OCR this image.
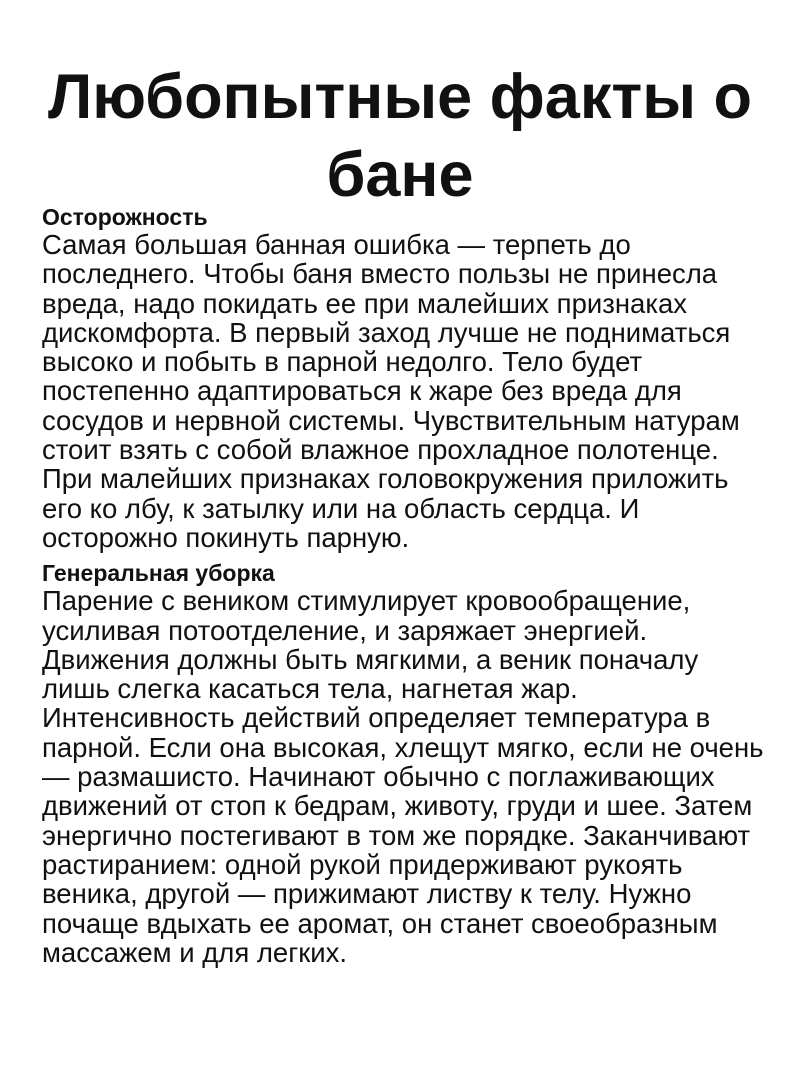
Любопытные факты о бане
Осторожность

Самая большая банная ошибка — терпеть до последнего. Чтобы баня вместо пользы не принесла вреда, надо покидать ее при малейших признаках дискомфорта. В первый заход лучше не подниматься высоко и побыть в парной недолго. Тело будет постепенно адаптироваться к жаре без вреда для сосудов и нервной системы. Чувствительным натурам стоит взять с собой влажное прохладное полотенце. При малейших признаках головокружения приложить его ко лбу, к затылку или на область сердца. И осторожно покинуть парную.

Генеральная уборка

Парение с веником стимулирует кровообращение, усиливая потоотделение, и заряжает энергией. Движения должны быть мягкими, а веник поначалу лишь слегка касаться тела, нагнетая жар. Интенсивность действий определяет температура в парной. Если она высокая, хлещут мягко, если не очень — размашисто. Начинают обычно с поглаживающих движений от стоп к бедрам, животу, груди и шее. Затем энергично постегивают в том же порядке. Заканчивают растиранием: одной рукой придерживают рукоять веника, другой — прижимают листву к телу. Нужно почаще вдыхать ее аромат, он станет своеобразным массажем и для легких.
